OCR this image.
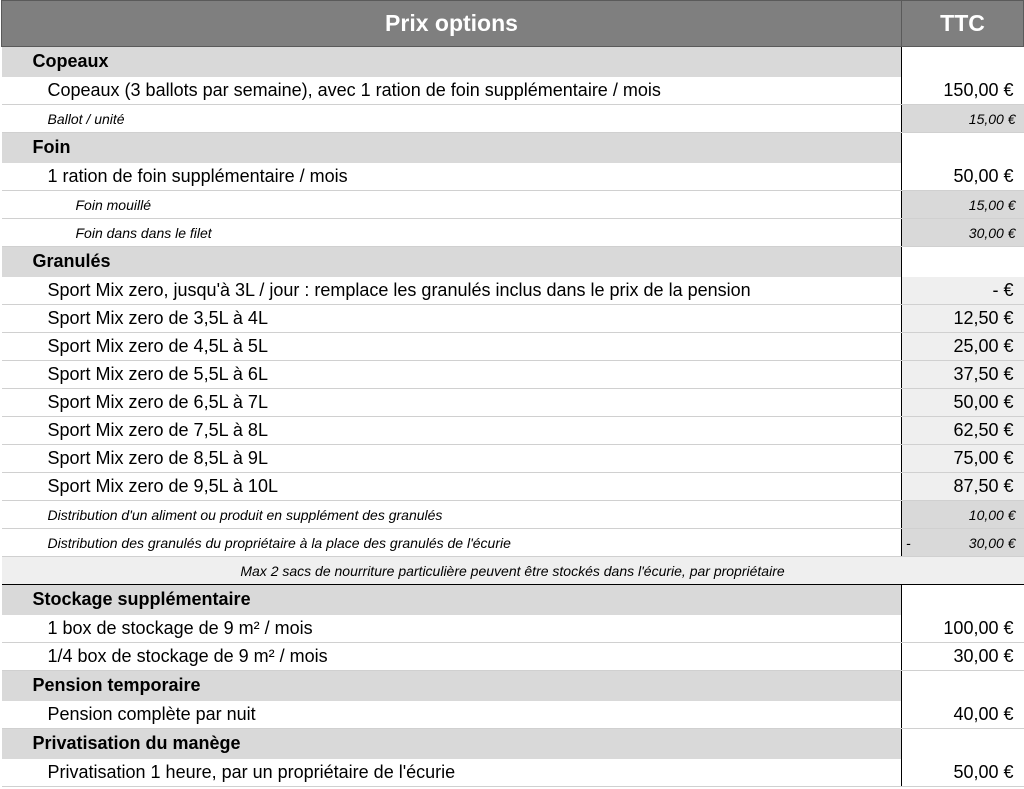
Prix options	TTC
Copeaux	
Copeaux (3 ballots par semaine), avec 1 ration de foin supplémentaire / mois	150,00 €
Ballot / unité	15,00 €
Foin	
1 ration de foin supplémentaire / mois	50,00 €
Foin mouillé	15,00 €
Foin dans dans le filet	30,00 €
Granulés	
Sport Mix zero, jusqu'à 3L / jour : remplace les granulés inclus dans le prix de la pension	- €
Sport Mix zero de 3,5L à 4L	12,50 €
Sport Mix zero de 4,5L à 5L	25,00 €
Sport Mix zero de 5,5L à 6L	37,50 €
Sport Mix zero de 6,5L à 7L	50,00 €
Sport Mix zero de 7,5L à 8L	62,50 €
Sport Mix zero de 8,5L à 9L	75,00 €
Sport Mix zero de 9,5L à 10L	87,50 €
Distribution d'un aliment ou produit en supplément des granulés	10,00 €
Distribution des granulés du propriétaire à la place des granulés de l'écurie	- 30,00 €
Max 2 sacs de nourriture particulière peuvent être stockés dans l'écurie, par propriétaire	
Stockage supplémentaire	
1 box de stockage de 9 m² / mois	100,00 €
1/4 box de stockage de 9 m² / mois	30,00 €
Pension temporaire	
Pension complète par nuit	40,00 €
Privatisation du manège	
Privatisation 1 heure, par un propriétaire de l'écurie	50,00 €
